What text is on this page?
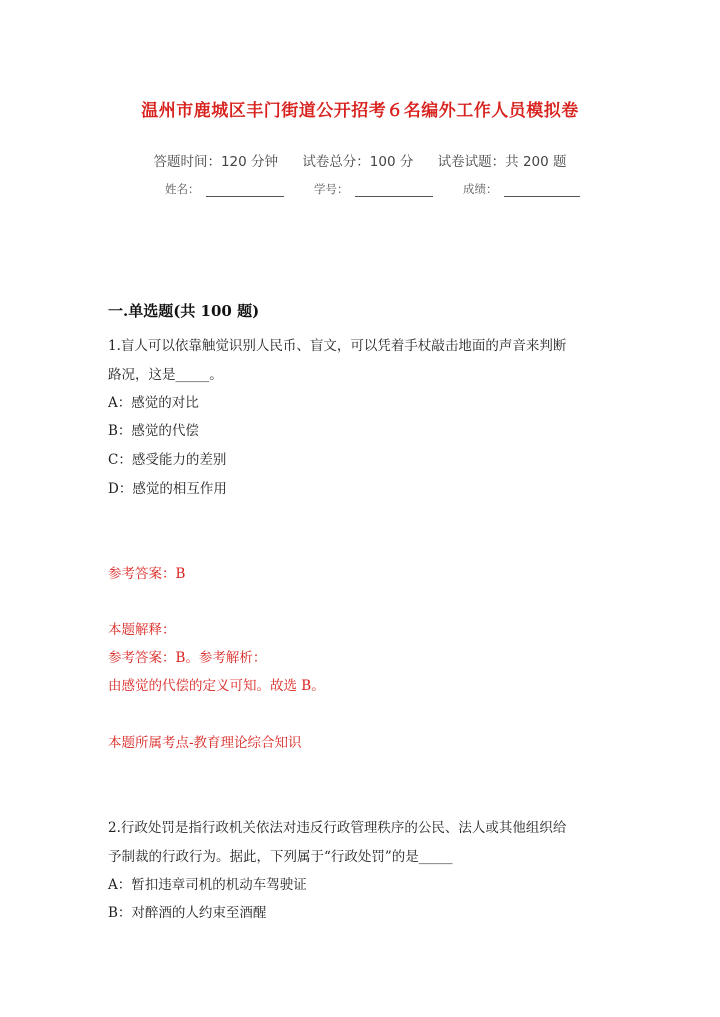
温州市鹿城区丰门街道公开招考６名编外工作人员模拟卷
答题时间：120 分钟 试卷总分：100 分 试卷试题：共 200 题
姓名：	学号：	成绩：
一.单选题(共 100 题)
1.盲人可以依靠触觉识别人民币、盲文，可以凭着手杖敲击地面的声音来判断
路况，这是_____。
A：感觉的对比
B：感觉的代偿
C：感受能力的差别
D：感觉的相互作用
参考答案：B
本题解释：
参考答案：B。参考解析：
由感觉的代偿的定义可知。故选 B。
本题所属考点-教育理论综合知识
2.行政处罚是指行政机关依法对违反行政管理秩序的公民、法人或其他组织给
予制裁的行政行为。据此，下列属于“行政处罚”的是_____
A：暂扣违章司机的机动车驾驶证
B：对醉酒的人约束至酒醒
